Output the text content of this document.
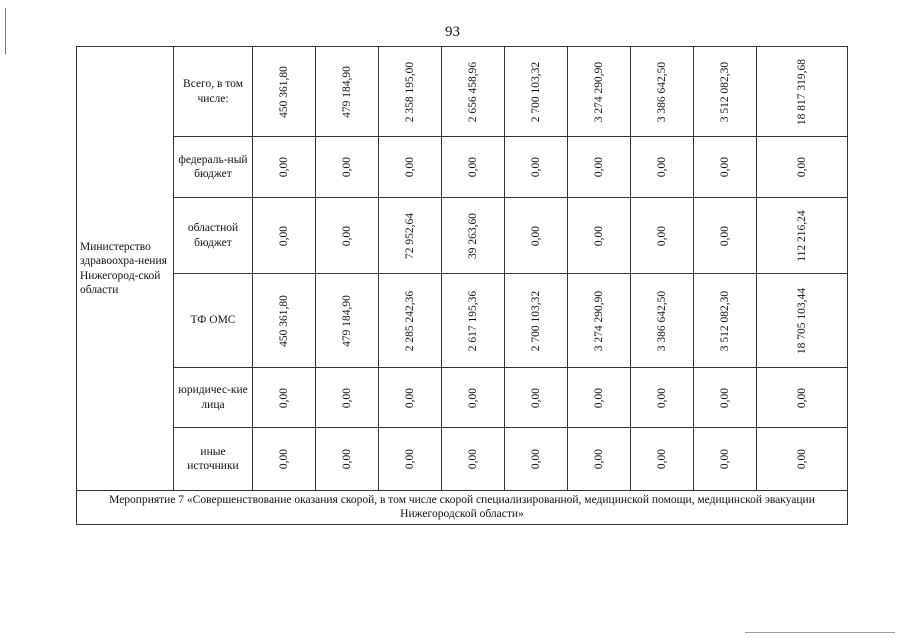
93
Министерство здравоохра-нения Нижегород-ской области	Всего, в том числе:	450 361,80	479 184,90	2 358 195,00	2 656 458,96	2 700 103,32	3 274 290,90	3 386 642,50	3 512 082,30	18 817 319,68

	федераль-ный бюджет	0,00	0,00	0,00	0,00	0,00	0,00	0,00	0,00	0,00

	областной бюджет	0,00	0,00	72 952,64	39 263,60	0,00	0,00	0,00	0,00	112 216,24

	ТФ ОМС	450 361,80	479 184,90	2 285 242,36	2 617 195,36	2 700 103,32	3 274 290,90	3 386 642,50	3 512 082,30	18 705 103,44

	юридичес-кие лица	0,00	0,00	0,00	0,00	0,00	0,00	0,00	0,00	0,00

	иные источники	0,00	0,00	0,00	0,00	0,00	0,00	0,00	0,00	0,00

Мероприятие 7 «Совершенствование оказания скорой, в том числе скорой специализированной, медицинской помощи, медицинской эвакуации Нижегородской области»										
